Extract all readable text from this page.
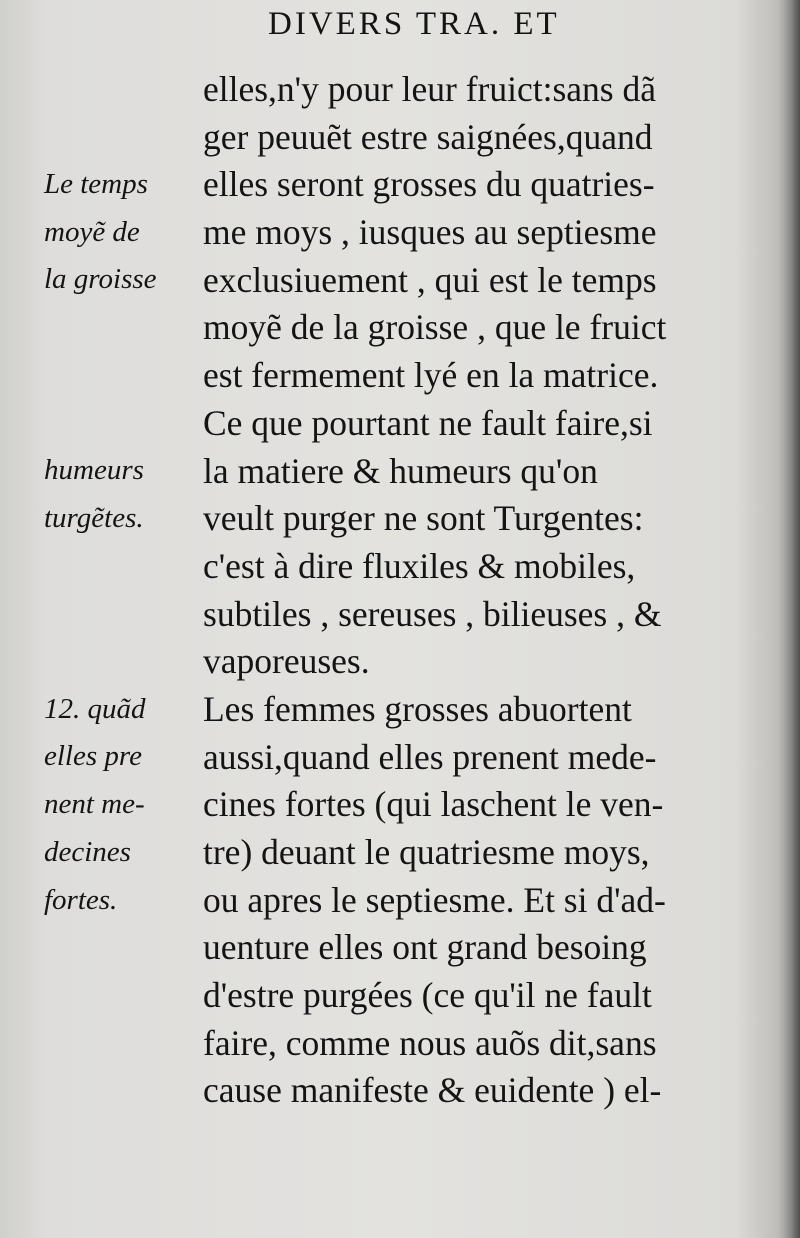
DIVERS TRA. ET
Le temps
moyẽ de
la groisse
humeurs
turgẽtes.
12. quãd
elles pre
nent me-
decines
fortes.
elles,n'y pour leur fruict:sans dã
ger peuuẽt estre saignées,quand
elles seront grosses du quatries-
me moys , iusques au septiesme
exclusiuement , qui est le temps
moyẽ de la groisse , que le fruict
est fermement lyé en la matrice.
Ce que pourtant ne fault faire,si
la matiere & humeurs qu'on
veult purger ne sont Turgentes:
c'est à dire fluxiles & mobiles,
subtiles , sereuses , bilieuses , &
vaporeuses.
Les femmes grosses abuortent
aussi,quand elles prenent mede-
cines fortes (qui laschent le ven-
tre) deuant le quatriesme moys,
ou apres le septiesme. Et si d'ad-
uenture elles ont grand besoing
d'estre purgées (ce qu'il ne fault
faire, comme nous auõs dit,sans
cause manifeste & euidente ) el-
